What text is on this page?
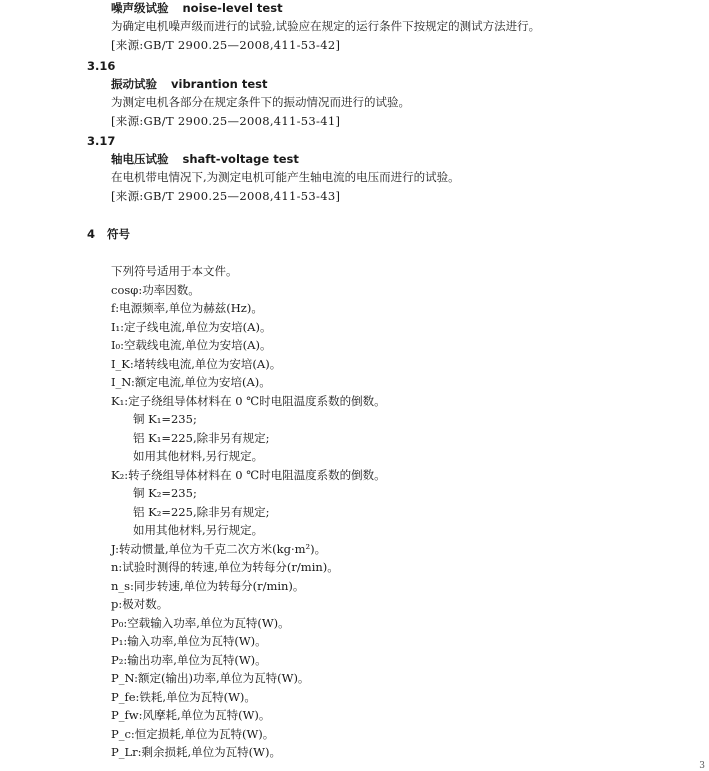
噪声级试验 noise-level test
为确定电机噪声级而进行的试验,试验应在规定的运行条件下按规定的测试方法进行。
[来源:GB/T 2900.25—2008,411-53-42]
3.16
振动试验 vibrantion test
为测定电机各部分在规定条件下的振动情况而进行的试验。
[来源:GB/T 2900.25—2008,411-53-41]
3.17
轴电压试验 shaft-voltage test
在电机带电情况下,为测定电机可能产生轴电流的电压而进行的试验。
[来源:GB/T 2900.25—2008,411-53-43]
4 符号
下列符号适用于本文件。
cosφ:功率因数。
f:电源频率,单位为赫兹(Hz)。
I₁:定子线电流,单位为安培(A)。
I₀:空载线电流,单位为安培(A)。
I_K:堵转线电流,单位为安培(A)。
I_N:额定电流,单位为安培(A)。
K₁:定子绕组导体材料在 0 ℃时电阻温度系数的倒数。
铜 K₁=235;
铝 K₁=225,除非另有规定;
如用其他材料,另行规定。
K₂:转子绕组导体材料在 0 ℃时电阻温度系数的倒数。
铜 K₂=235;
铝 K₂=225,除非另有规定;
如用其他材料,另行规定。
J:转动惯量,单位为千克二次方米(kg·m²)。
n:试验时测得的转速,单位为转每分(r/min)。
n_s:同步转速,单位为转每分(r/min)。
p:极对数。
P₀:空载输入功率,单位为瓦特(W)。
P₁:输入功率,单位为瓦特(W)。
P₂:输出功率,单位为瓦特(W)。
P_N:额定(输出)功率,单位为瓦特(W)。
P_fe:铁耗,单位为瓦特(W)。
P_fw:风摩耗,单位为瓦特(W)。
P_c:恒定损耗,单位为瓦特(W)。
P_Lr:剩余损耗,单位为瓦特(W)。
3
